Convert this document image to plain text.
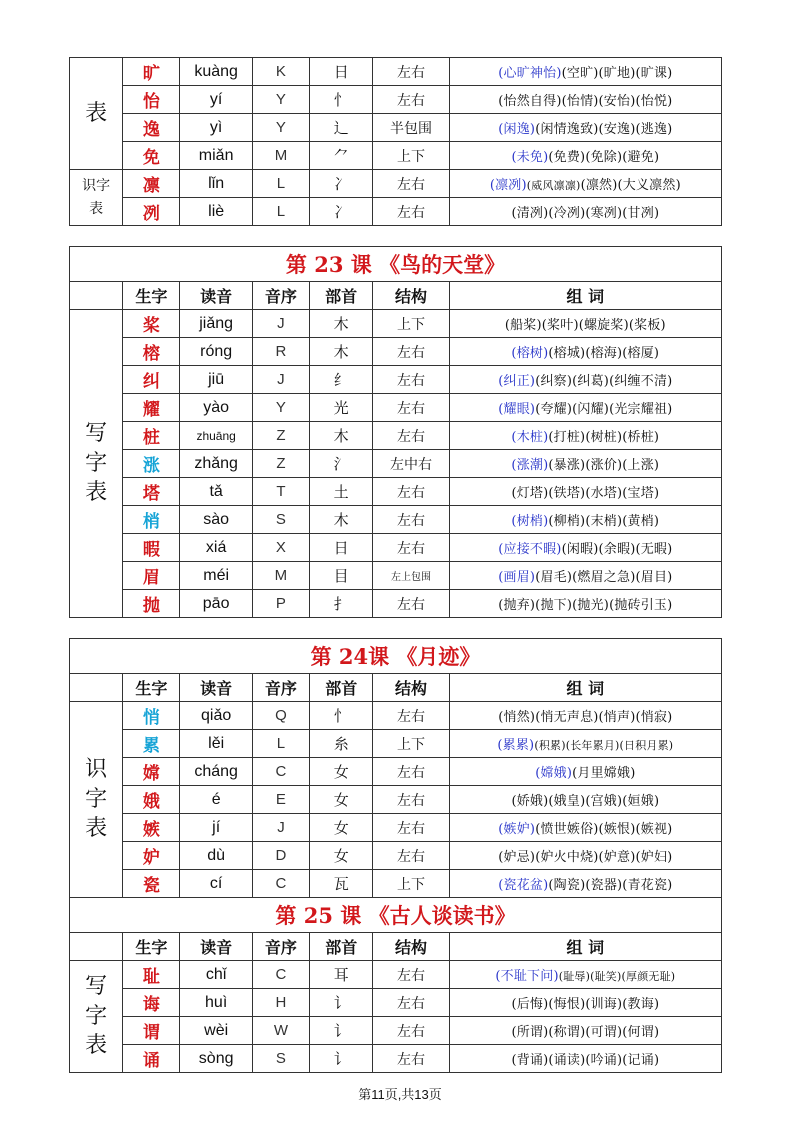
表	旷	kuàng	K	日	左右	(心旷神怡)(空旷)(旷地)(旷课)
	怡	yí	Y	忄	左右	(怡然自得)(怡情)(安怡)(怡悦)
	逸	yì	Y	辶	半包围	(闲逸)(闲情逸致)(安逸)(逃逸)
	免	miǎn	M	⺈	上下	(未免)(免费)(免除)(避免)
识字表	凛	lǐn	L	冫	左右	(凛冽)(威风凛凛)(凛然)(大义凛然)
	冽	liè	L	冫	左右	(清冽)(冷冽)(寒冽)(甘冽)
第 23 课 《鸟的天堂》						
	生字	读音	音序	部首	结构	组 词
写字表	桨	jiǎng	J	木	上下	(船桨)(桨叶)(螺旋桨)(桨板)
	榕	róng	R	木	左右	(榕树)(榕城)(榕海)(榕厦)
	纠	jiū	J	纟	左右	(纠正)(纠察)(纠葛)(纠缠不清)
	耀	yào	Y	光	左右	(耀眼)(夸耀)(闪耀)(光宗耀祖)
	桩	zhuāng	Z	木	左右	(木桩)(打桩)(树桩)(桥桩)
	涨	zhǎng	Z	氵	左中右	(涨潮)(暴涨)(涨价)(上涨)
	塔	tǎ	T	土	左右	(灯塔)(铁塔)(水塔)(宝塔)
	梢	sào	S	木	左右	(树梢)(柳梢)(末梢)(黄梢)
	暇	xiá	X	日	左右	(应接不暇)(闲暇)(余暇)(无暇)
	眉	méi	M	目	左上包围	(画眉)(眉毛)(燃眉之急)(眉目)
	抛	pāo	P	扌	左右	(抛弃)(抛下)(抛光)(抛砖引玉)
第 24课 《月迹》						
	生字	读音	音序	部首	结构	组 词
识字表	悄	qiǎo	Q	忄	左右	(悄然)(悄无声息)(悄声)(悄寂)
	累	lěi	L	糸	上下	(累累)(积累)(长年累月)(日积月累)
	嫦	cháng	C	女	左右	(嫦娥)(月里嫦娥)
	娥	é	E	女	左右	(娇娥)(娥皇)(宫娥)(姮娥)
	嫉	jí	J	女	左右	(嫉妒)(愤世嫉俗)(嫉恨)(嫉视)
	妒	dù	D	女	左右	(妒忌)(妒火中烧)(妒意)(妒妇)
	瓷	cí	C	瓦	上下	(瓷花盆)(陶瓷)(瓷器)(青花瓷)
第 25 课 《古人谈读书》						
	生字	读音	音序	部首	结构	组 词
写字表	耻	chǐ	C	耳	左右	(不耻下问)(耻辱)(耻笑)(厚颜无耻)
	诲	huì	H	讠	左右	(后悔)(悔恨)(训诲)(教诲)
	谓	wèi	W	讠	左右	(所谓)(称谓)(可谓)(何谓)
	诵	sòng	S	讠	左右	(背诵)(诵读)(吟诵)(记诵)
第11页,共13页
